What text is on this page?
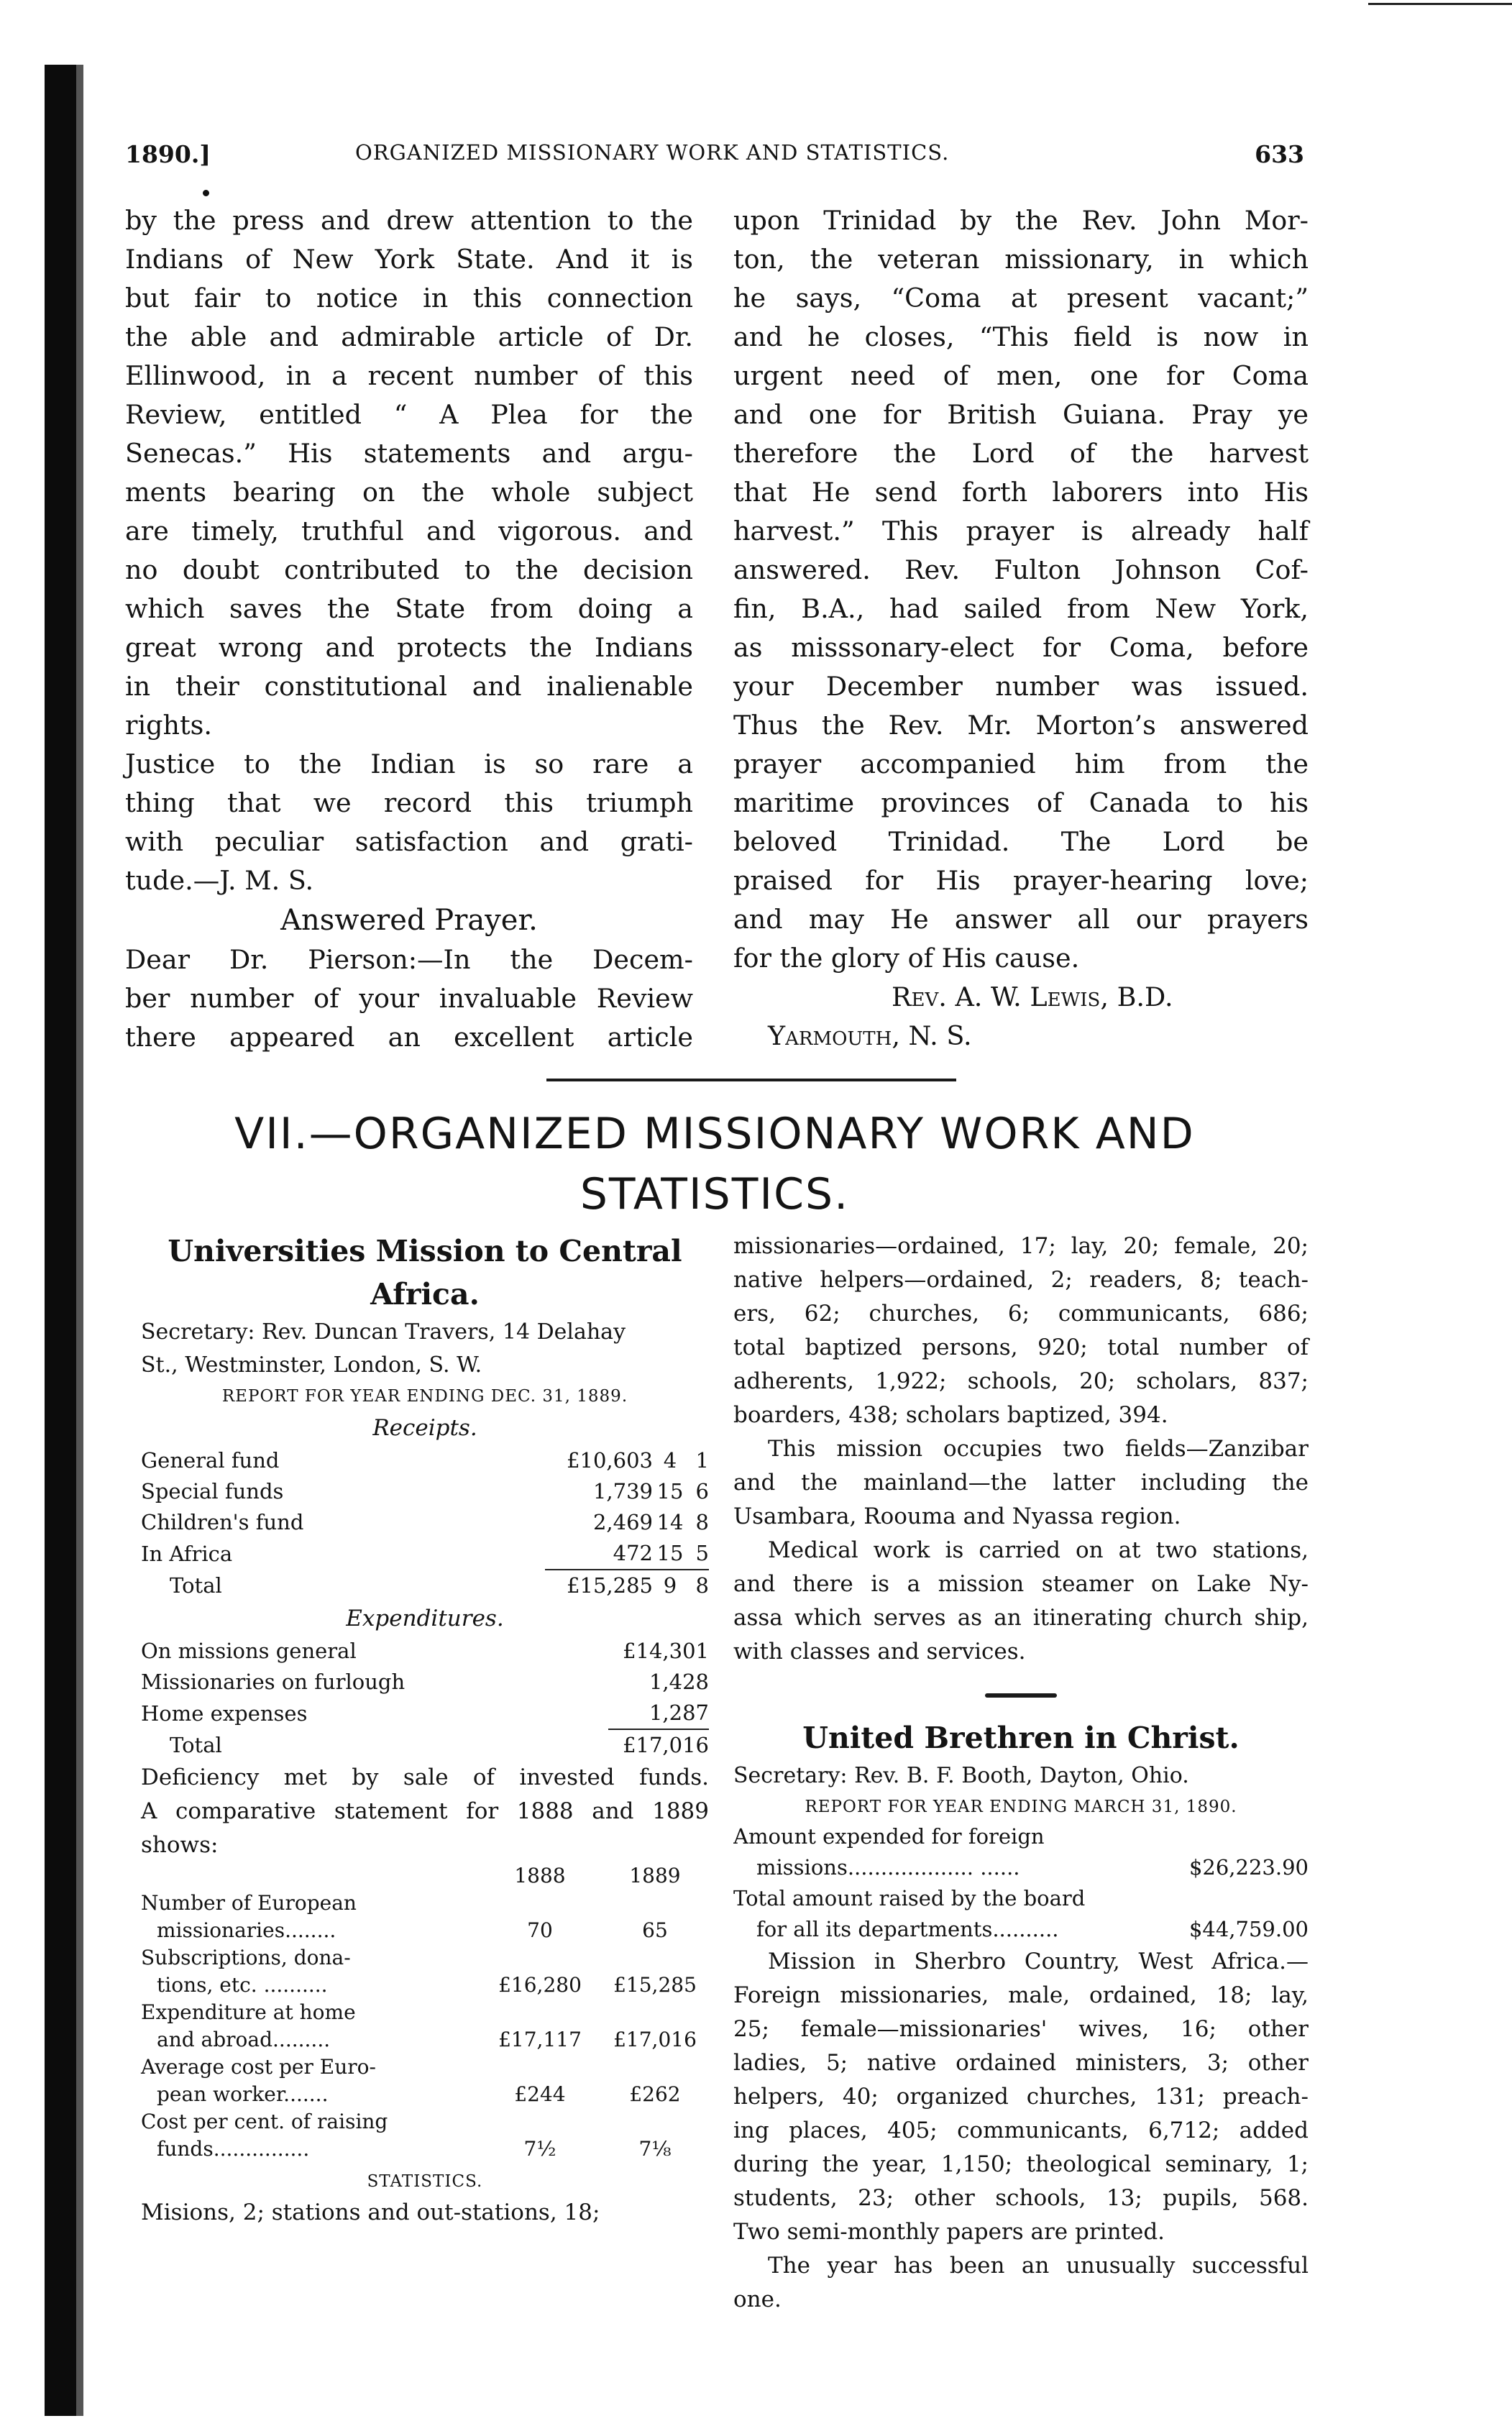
1890.]	ORGANIZED MISSIONARY WORK AND STATISTICS.	633

by the press and drew attention to the

Indians of New York State. And it is

but fair to notice in this connection

the able and admirable article of Dr.

Ellinwood, in a recent number of this

Review, entitled “ A Plea for the

Senecas.” His statements and argu-

ments bearing on the whole subject

are timely, truthful and vigorous. and

no doubt contributed to the decision

which saves the State from doing a

great wrong and protects the Indians

in their constitutional and inalienable

rights.

Justice to the Indian is so rare a

thing that we record this triumph

with peculiar satisfaction and grati-

tude.—J. M. S.

Answered Prayer.

Dear Dr. Pierson:—In the Decem-

ber number of your invaluable Review

there appeared an excellent article

upon Trinidad by the Rev. John Mor-

ton, the veteran missionary, in which

he says, “Coma at present vacant;”

and he closes, “This field is now in

urgent need of men, one for Coma

and one for British Guiana. Pray ye

therefore the Lord of the harvest

that He send forth laborers into His

harvest.” This prayer is already half

answered. Rev. Fulton Johnson Cof-

fin, B.A., had sailed from New York,

as misssonary-elect for Coma, before

your December number was issued.

Thus the Rev. Mr. Morton’s answered

prayer accompanied him from the

maritime provinces of Canada to his

beloved Trinidad. The Lord be

praised for His prayer-hearing love;

and may He answer all our prayers

for the glory of His cause.

Rev. A. W. Lewis, B.D.

Yarmouth, N. S.

VII.—ORGANIZED MISSIONARY WORK AND
STATISTICS.

Universities Mission to Central Africa.

Secretary: Rev. Duncan Travers, 14 Delahay

St., Westminster, London, S. W.

REPORT FOR YEAR ENDING DEC. 31, 1889.

Receipts.

General fund	£10,603	4	1
Special funds	1,739	15	6
Children's fund	2,469	14	8
In Africa	472	15	5
Total	£15,285	9	8

Expenditures.

On missions general	£14,301
Missionaries on furlough	1,428
Home expenses	1,287
Total	£17,016

Deficiency met by sale of invested funds.

A comparative statement for 1888 and 1889

shows:

	1888	1889
Number of European
missionaries........	70	65
Subscriptions, dona-
tions, etc. ..........	£16,280	£15,285
Expenditure at home
and abroad.........	£17,117	£17,016
Average cost per Euro-
pean worker.......	£244	£262
Cost per cent. of raising
funds...............	7½	7⅛

STATISTICS.

Misions, 2; stations and out-stations, 18;

missionaries—ordained, 17; lay, 20; female, 20;

native helpers—ordained, 2; readers, 8; teach-

ers, 62; churches, 6; communicants, 686;

total baptized persons, 920; total number of

adherents, 1,922; schools, 20; scholars, 837;

boarders, 438; scholars baptized, 394.

This mission occupies two fields—Zanzibar

and the mainland—the latter including the

Usambara, Roouma and Nyassa region.

Medical work is carried on at two stations,

and there is a mission steamer on Lake Ny-

assa which serves as an itinerating church ship,

with classes and services.

United Brethren in Christ.

Secretary: Rev. B. F. Booth, Dayton, Ohio.

REPORT FOR YEAR ENDING MARCH 31, 1890.

Amount expended for foreign	
missions................... ......	$26,223.90
Total amount raised by the board	
for all its departments..........	$44,759.00

Mission in Sherbro Country, West Africa.—

Foreign missionaries, male, ordained, 18; lay,

25; female—missionaries' wives, 16; other

ladies, 5; native ordained ministers, 3; other

helpers, 40; organized churches, 131; preach-

ing places, 405; communicants, 6,712; added

during the year, 1,150; theological seminary, 1;

students, 23; other schools, 13; pupils, 568.

Two semi-monthly papers are printed.

The year has been an unusually successful

one.
